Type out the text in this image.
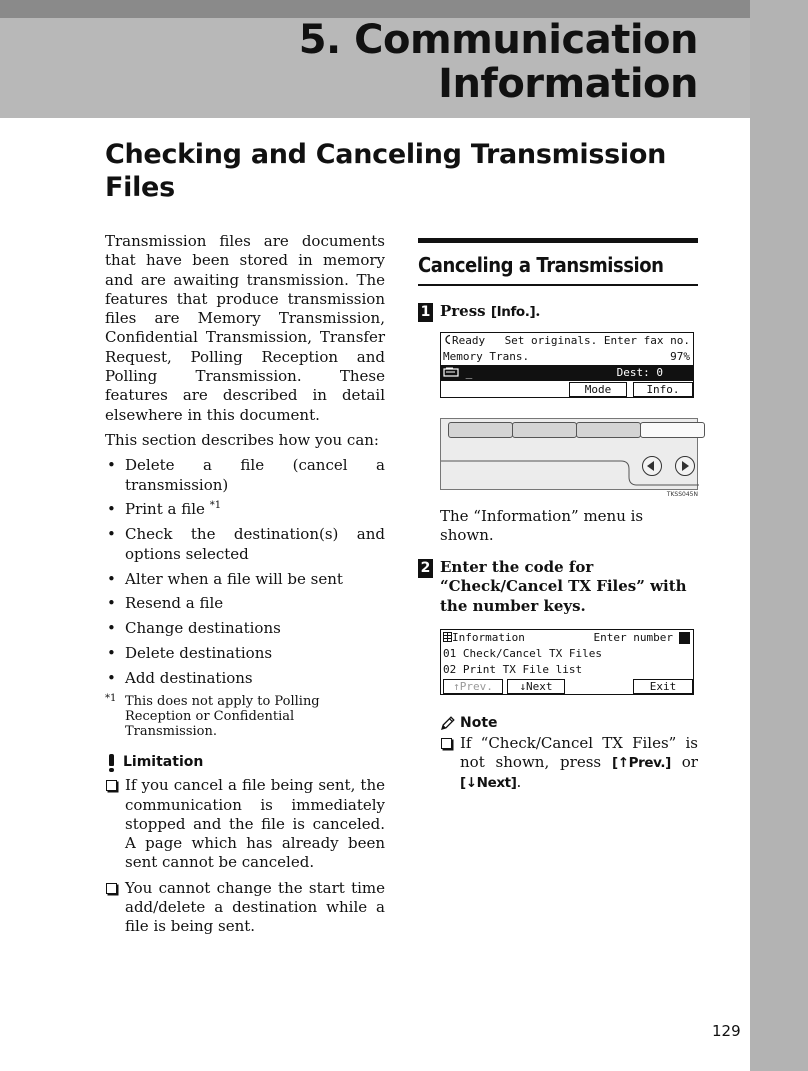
5. Communication
Information
Checking and Canceling Transmission Files

Transmission files are documents that have been stored in memory and are awaiting transmission. The features that produce transmission files are Memory Transmission, Confidential Transmission, Transfer Request, Polling Reception and Polling Transmission. These features are described in detail elsewhere in this document.

This section describes how you can:

• Delete a file (cancel a transmission)
• Print a file $^{*1}$
• Check the destination(s) and options selected
• Alter when a file will be sent
• Resend a file
• Change destinations
• Delete destinations
• Add destinations
*1 This does not apply to Polling Reception or Confidential Transmission.
Limitation
If you cancel a file being sent, the communication is immediately stopped and the file is canceled. A page which has already been sent cannot be canceled.
You cannot change the start time add/delete a destination while a file is being sent.
Canceling a Transmission
1 Press [Info.].
Ready Set originals. Enter fax no.
Memory Trans.	97%
_	Dest: 0
Mode	Info.
TKSS045N
The “Information” menu is shown.
2 Enter the code for “Check/Cancel TX Files” with the number keys.
Information	Enter number
01 Check/Cancel TX Files
02 Print TX File list
↑Prev.	↓Next	Exit
Note
If “Check/Cancel TX Files” is not shown, press [↑Prev.] or [↓Next].
129
